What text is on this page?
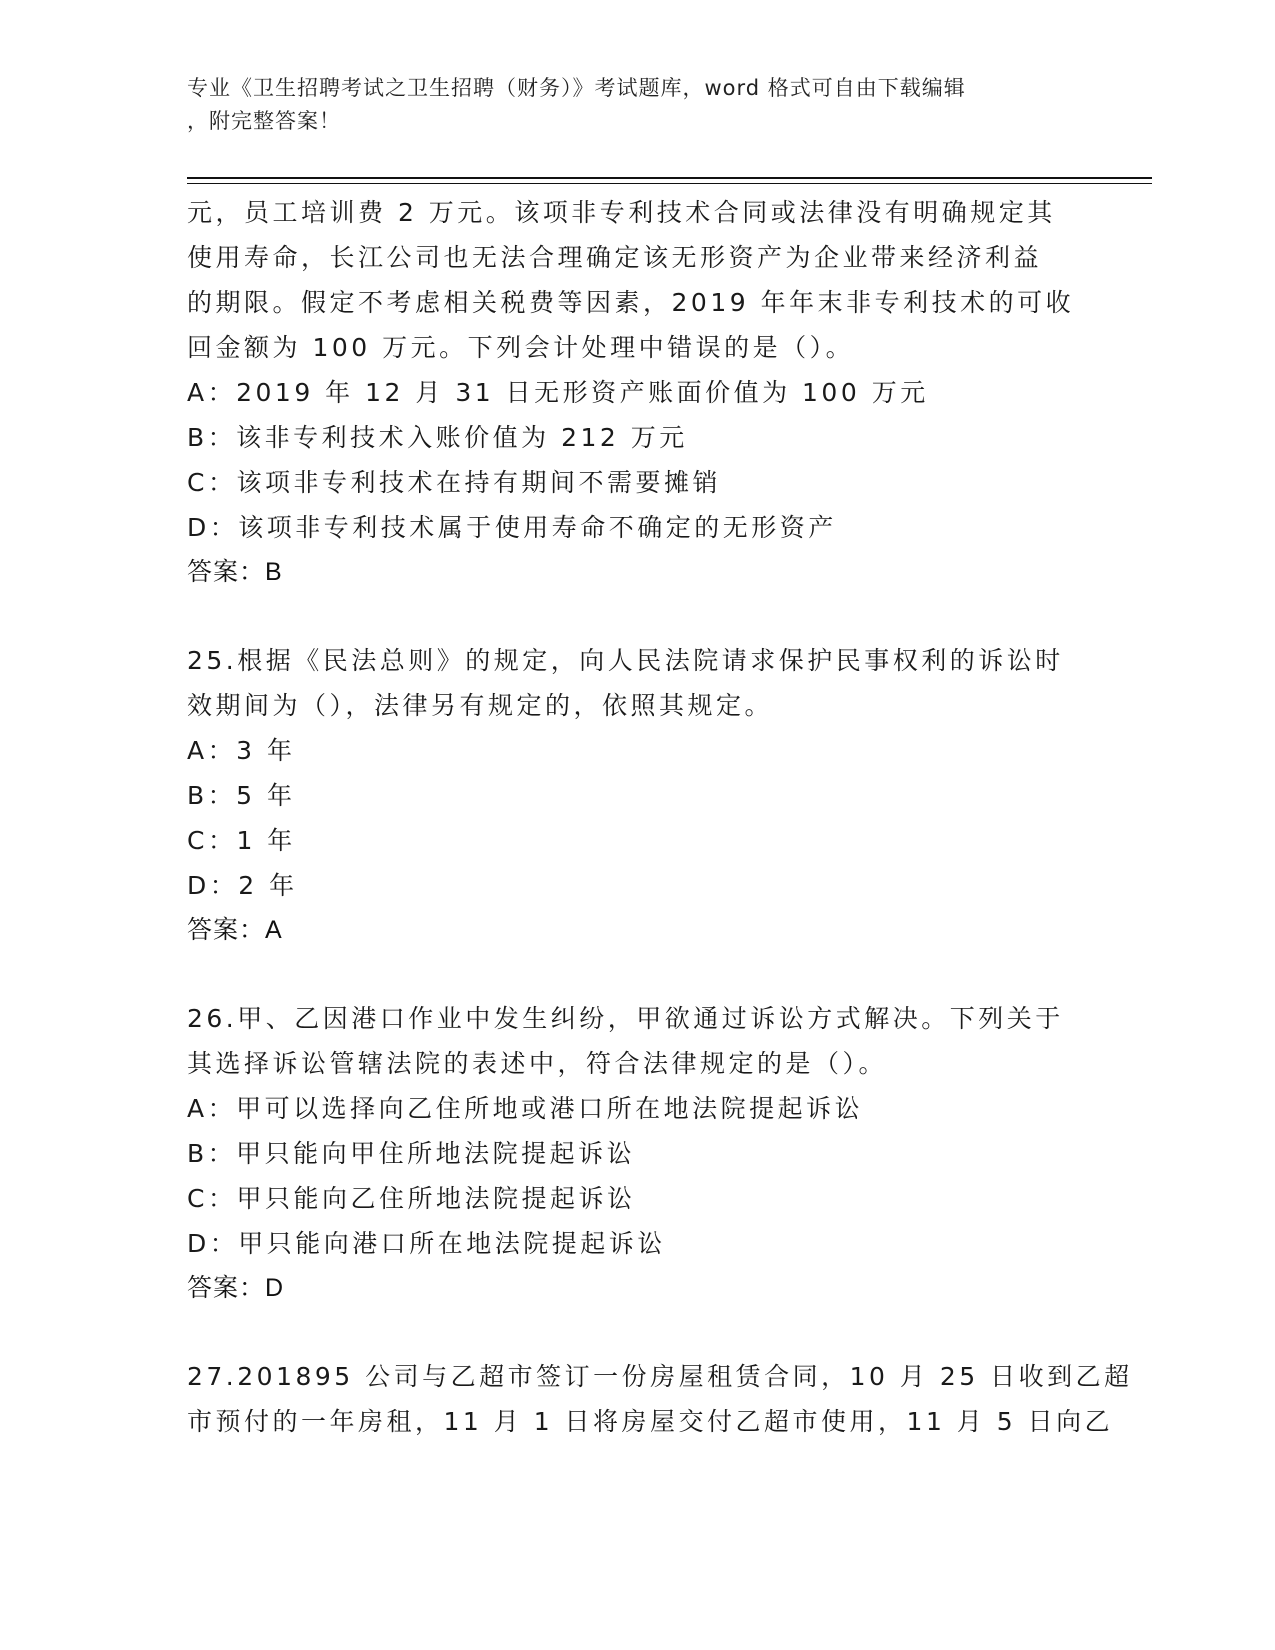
专业《卫生招聘考试之卫生招聘（财务）》考试题库，word 格式可自由下载编辑
，附完整答案！
元，员工培训费 2 万元。该项非专利技术合同或法律没有明确规定其
使用寿命，长江公司也无法合理确定该无形资产为企业带来经济利益
的期限。假定不考虑相关税费等因素，2019 年年末非专利技术的可收
回金额为 100 万元。下列会计处理中错误的是（）。
A：2019 年 12 月 31 日无形资产账面价值为 100 万元
B：该非专利技术入账价值为 212 万元
C：该项非专利技术在持有期间不需要摊销
D：该项非专利技术属于使用寿命不确定的无形资产
答案：B
25.根据《民法总则》的规定，向人民法院请求保护民事权利的诉讼时
效期间为（），法律另有规定的，依照其规定。
A：3 年
B：5 年
C：1 年
D：2 年
答案：A
26.甲、乙因港口作业中发生纠纷，甲欲通过诉讼方式解决。下列关于
其选择诉讼管辖法院的表述中，符合法律规定的是（）。
A：甲可以选择向乙住所地或港口所在地法院提起诉讼
B：甲只能向甲住所地法院提起诉讼
C：甲只能向乙住所地法院提起诉讼
D：甲只能向港口所在地法院提起诉讼
答案：D
27.201895 公司与乙超市签订一份房屋租赁合同，10 月 25 日收到乙超
市预付的一年房租，11 月 1 日将房屋交付乙超市使用，11 月 5 日向乙
